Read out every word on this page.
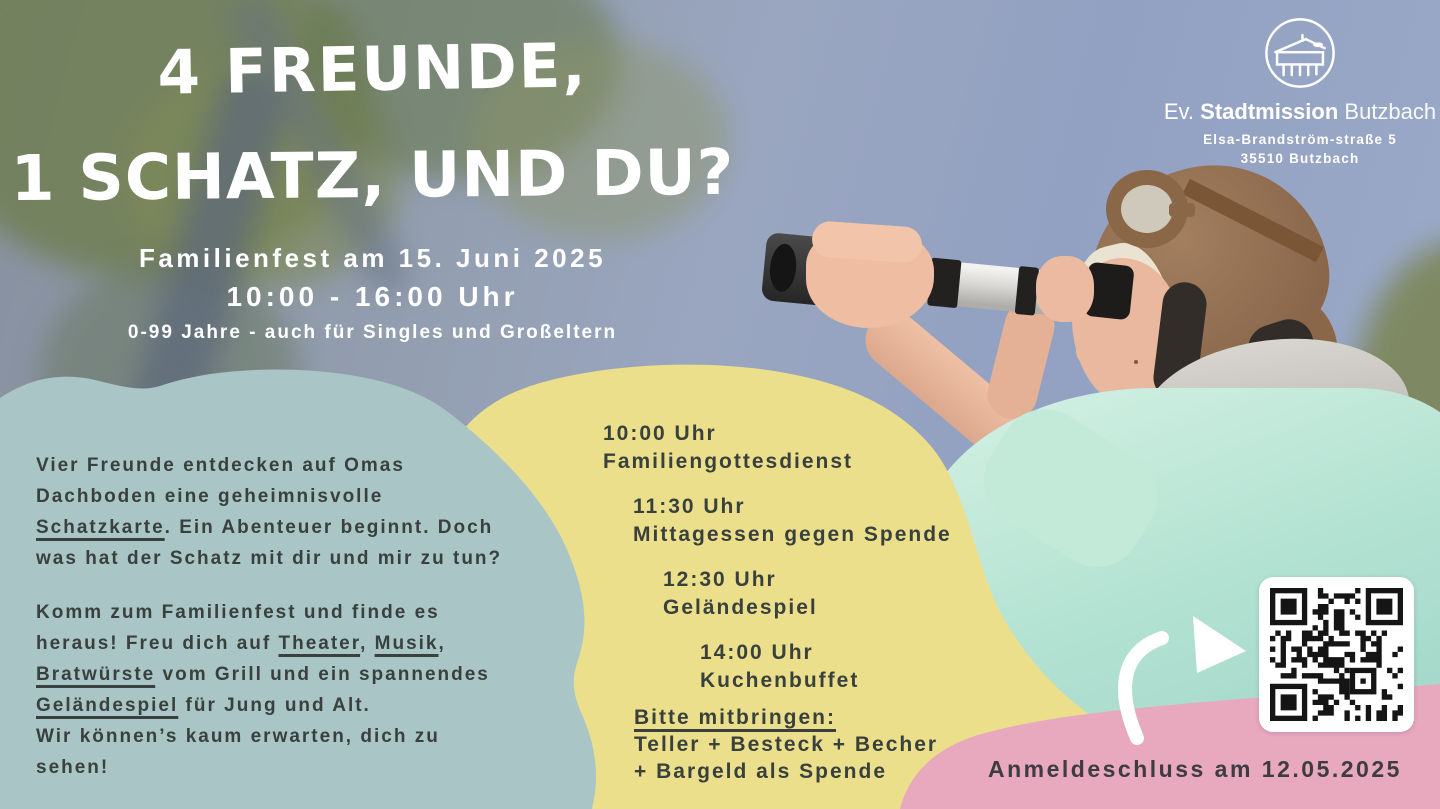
4 FREUNDE,
1 SCHATZ, UND DU?
Familienfest am 15. Juni 2025
10:00 - 16:00 Uhr
0-99 Jahre - auch für Singles und Großeltern
Ev. Stadtmission Butzbach
Elsa-Brandström-straße 5
35510 Butzbach
Vier Freunde entdecken auf Omas
Dachboden eine geheimnisvolle
Schatzkarte. Ein Abenteuer beginnt. Doch
was hat der Schatz mit dir und mir zu tun?
Komm zum Familienfest und finde es
heraus! Freu dich auf Theater, Musik,
Bratwürste vom Grill und ein spannendes
Geländespiel für Jung und Alt.
Wir können’s kaum erwarten, dich zu
sehen!
10:00 Uhr
Familiengottesdienst
11:30 Uhr
Mittagessen gegen Spende
12:30 Uhr
Geländespiel
14:00 Uhr
Kuchenbuffet
Bitte mitbringen:
Teller + Besteck + Becher
+ Bargeld als Spende	Anmeldeschluss am 12.05.2025
